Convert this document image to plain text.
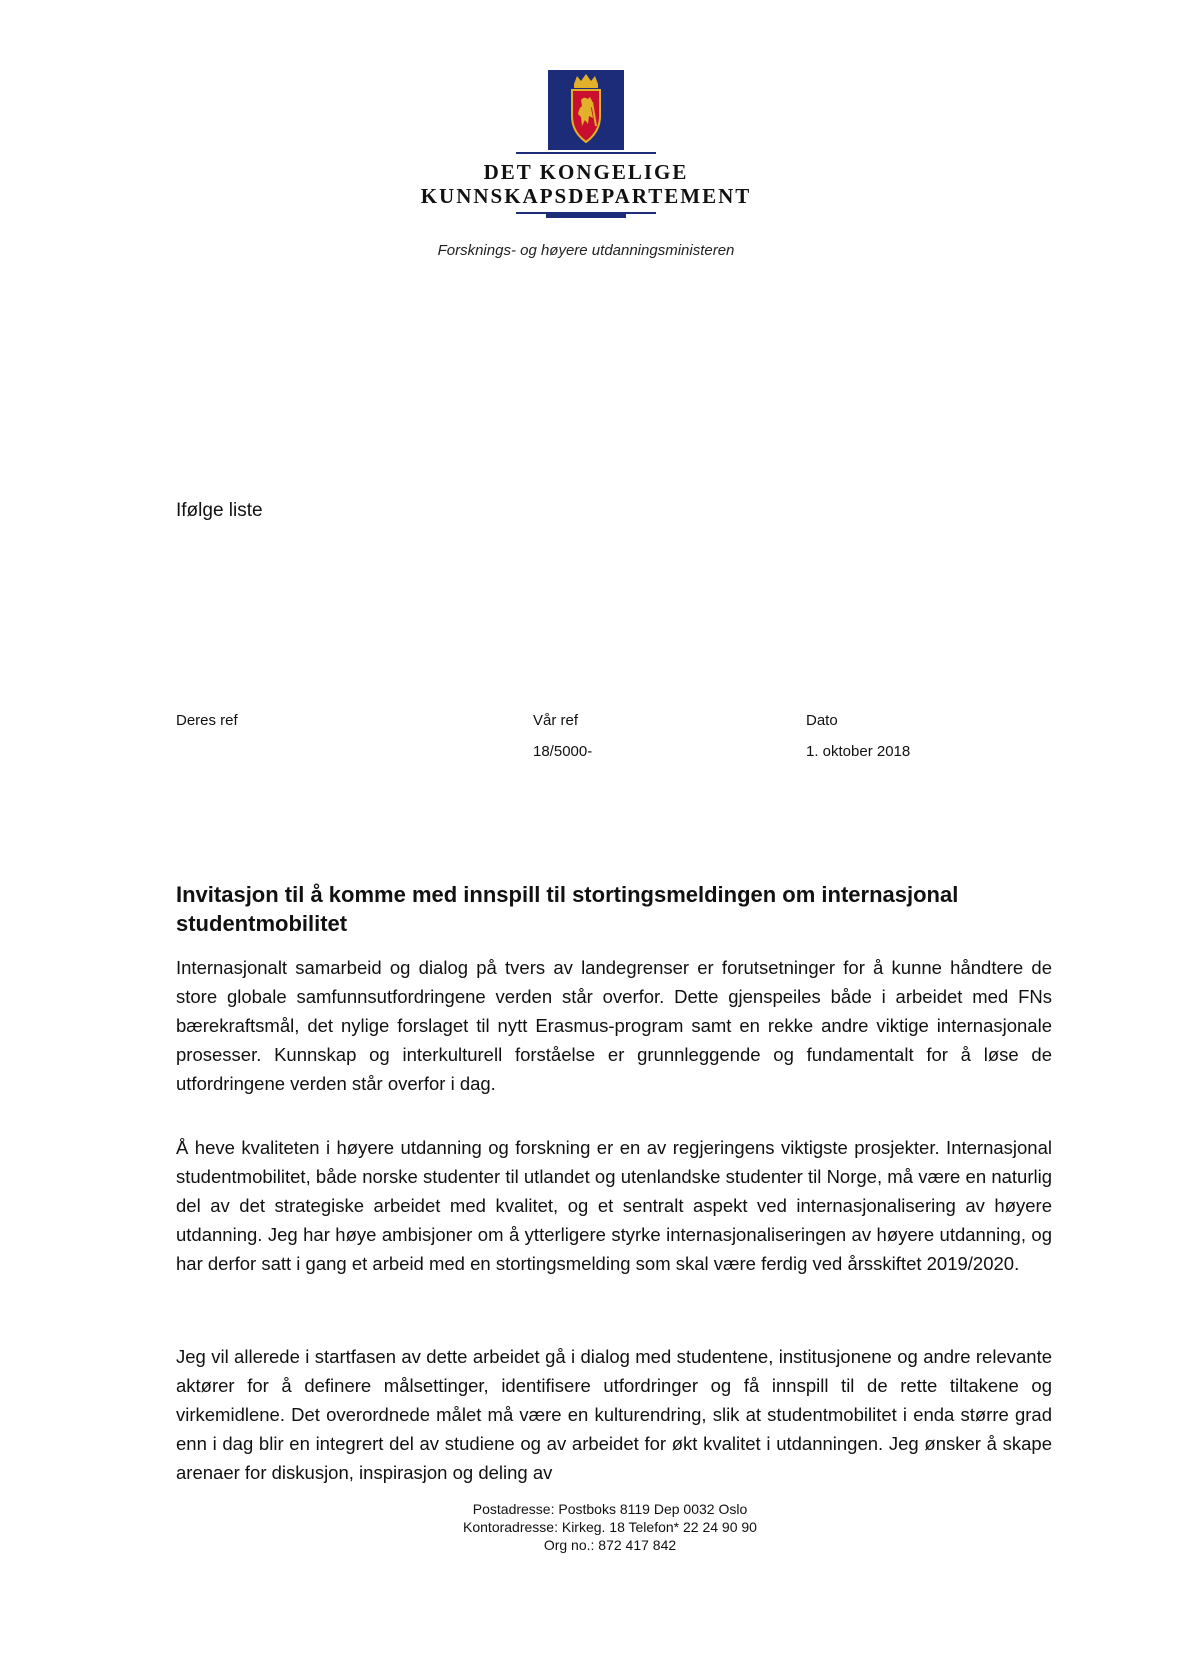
DET KONGELIGE

KUNNSKAPSDEPARTEMENT

Forsknings- og høyere utdanningsministeren
Ifølge liste
Deres ref	Vår ref
18/5000-
Dato
1. oktober 2018
Invitasjon til å komme med innspill til stortingsmeldingen om internasjonal studentmobilitet

Internasjonalt samarbeid og dialog på tvers av landegrenser er forutsetninger for å kunne håndtere de store globale samfunnsutfordringene verden står overfor. Dette gjenspeiles både i arbeidet med FNs bærekraftsmål, det nylige forslaget til nytt Erasmus-program samt en rekke andre viktige internasjonale prosesser. Kunnskap og interkulturell forståelse er grunnleggende og fundamentalt for å løse de utfordringene verden står overfor i dag.

Å heve kvaliteten i høyere utdanning og forskning er en av regjeringens viktigste prosjekter. Internasjonal studentmobilitet, både norske studenter til utlandet og utenlandske studenter til Norge, må være en naturlig del av det strategiske arbeidet med kvalitet, og et sentralt aspekt ved internasjonalisering av høyere utdanning. Jeg har høye ambisjoner om å ytterligere styrke internasjonaliseringen av høyere utdanning, og har derfor satt i gang et arbeid med en stortingsmelding som skal være ferdig ved årsskiftet 2019/2020.

Jeg vil allerede i startfasen av dette arbeidet gå i dialog med studentene, institusjonene og andre relevante aktører for å definere målsettinger, identifisere utfordringer og få innspill til de rette tiltakene og virkemidlene. Det overordnede målet må være en kulturendring, slik at studentmobilitet i enda større grad enn i dag blir en integrert del av studiene og av arbeidet for økt kvalitet i utdanningen. Jeg ønsker å skape arenaer for diskusjon, inspirasjon og deling av

Postadresse: Postboks 8119 Dep 0032 Oslo
Kontoradresse: Kirkeg. 18 Telefon* 22 24 90 90
Org no.: 872 417 842
